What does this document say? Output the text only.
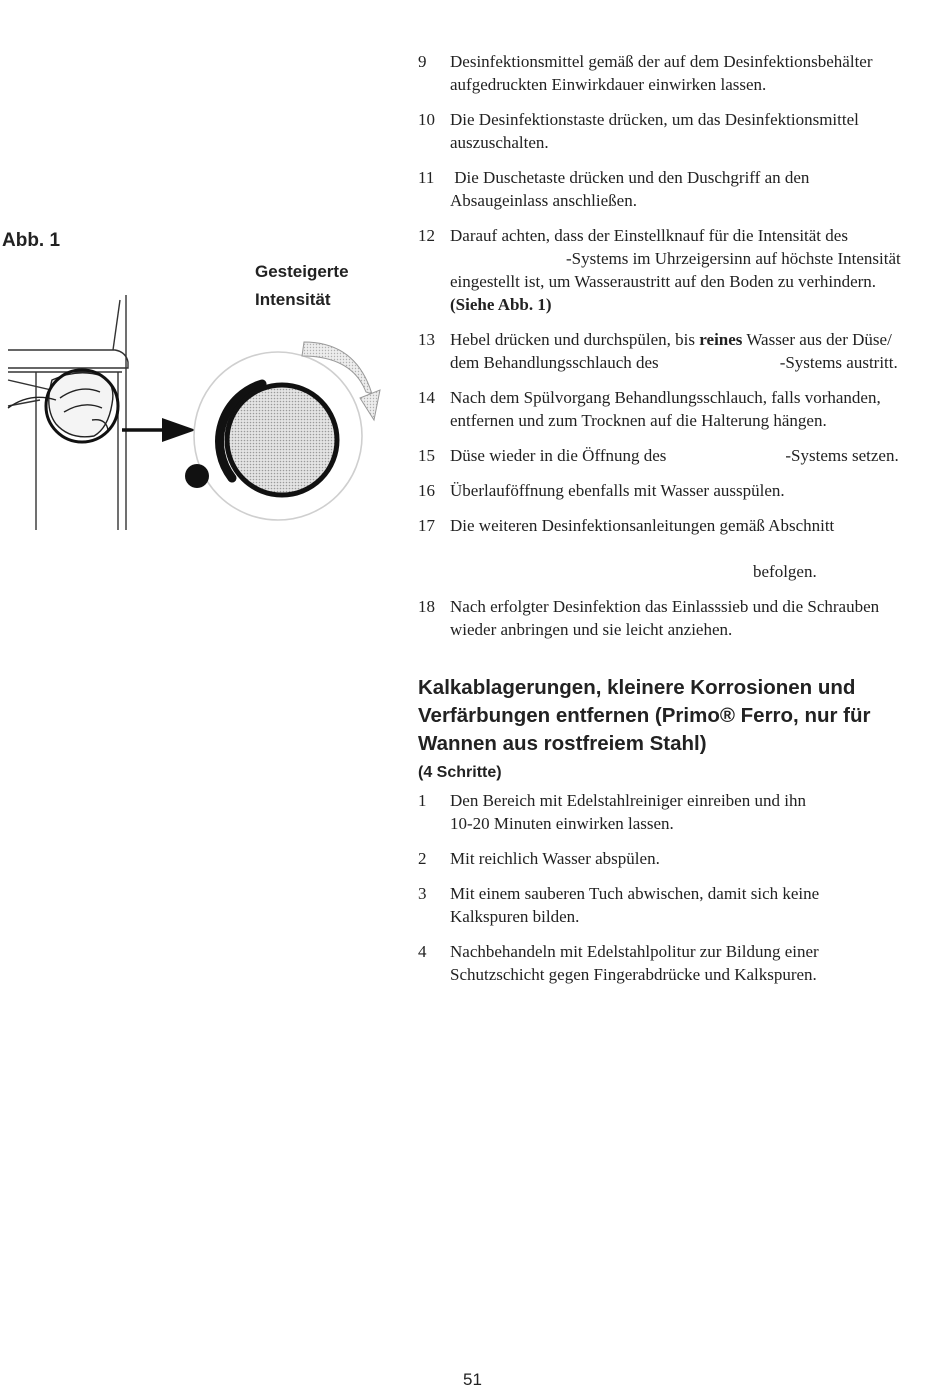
Abb. 1
Gesteigerte
Intensität
9 Desinfektionsmittel gemäß der auf dem Desinfektionsbehälter
aufgedruckten Einwirkdauer einwirken lassen.
10 Die Desinfektionstaste drücken, um das Desinfektionsmittel
auszuschalten.
11 Die Duschetaste drücken und den Duschgriff an den
Absaugeinlass anschließen.
12 Darauf achten, dass der Einstellknauf für die Intensität des
-Systems im Uhrzeigersinn auf höchste Intensität
eingestellt ist, um Wasseraustritt auf den Boden zu verhindern.
(Siehe Abb. 1)
13 Hebel drücken und durchspülen, bis reines Wasser aus der Düse/
dem Behandlungsschlauch des	-Systems austritt.
14 Nach dem Spülvorgang Behandlungsschlauch, falls vorhanden,
entfernen und zum Trocknen auf die Halterung hängen.
15 Düse wieder in die Öffnung des	-Systems setzen.
16 Überlauföffnung ebenfalls mit Wasser ausspülen.
17 Die weiteren Desinfektionsanleitungen gemäß Abschnitt
befolgen.
18 Nach erfolgter Desinfektion das Einlasssieb und die Schrauben
wieder anbringen und sie leicht anziehen.
Kalkablagerungen, kleinere Korrosionen und
Verfärbungen entfernen (Primo® Ferro, nur für
Wannen aus rostfreiem Stahl)
(4 Schritte)
1 Den Bereich mit Edelstahlreiniger einreiben und ihn
10-20 Minuten einwirken lassen.
2 Mit reichlich Wasser abspülen.
3 Mit einem sauberen Tuch abwischen, damit sich keine
Kalkspuren bilden.
4 Nachbehandeln mit Edelstahlpolitur zur Bildung einer
Schutzschicht gegen Fingerabdrücke und Kalkspuren.
51
